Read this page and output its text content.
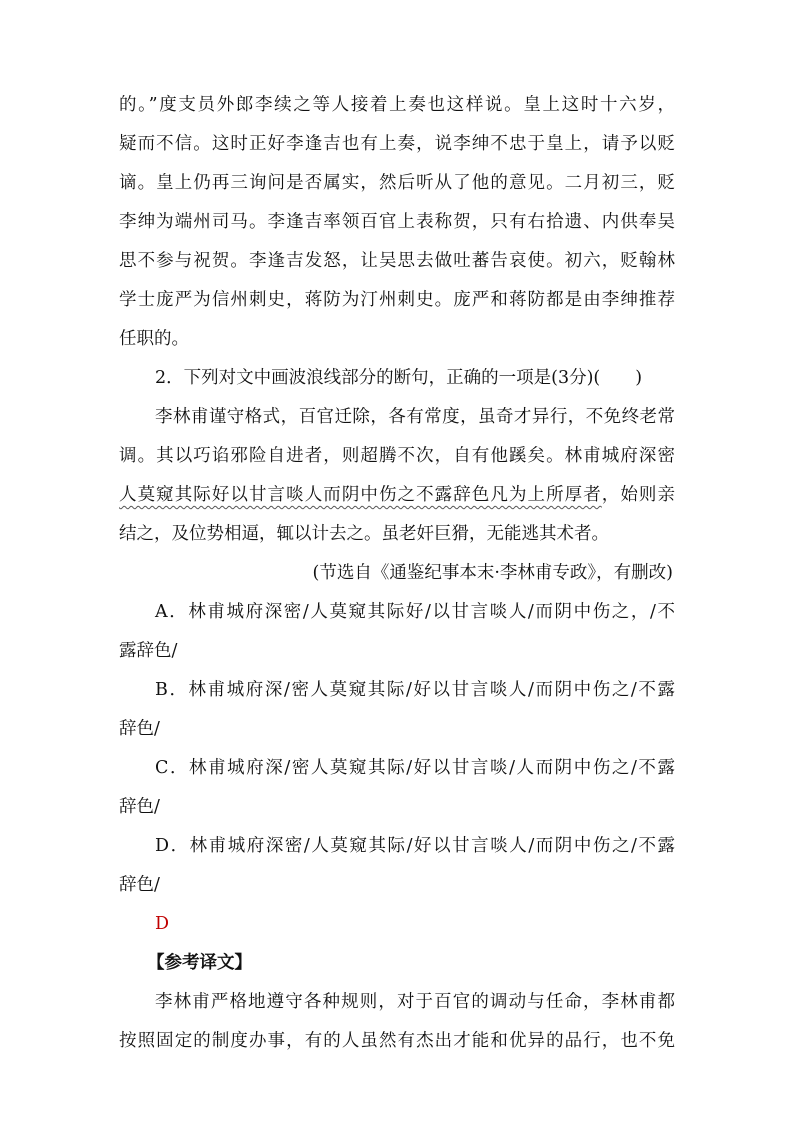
的。”度支员外郎李续之等人接着上奏也这样说。皇上这时十六岁，
疑而不信。这时正好李逢吉也有上奏，说李绅不忠于皇上，请予以贬
谪。皇上仍再三询问是否属实，然后听从了他的意见。二月初三，贬
李绅为端州司马。李逢吉率领百官上表称贺，只有右拾遗、内供奉吴
思不参与祝贺。李逢吉发怒，让吴思去做吐蕃告哀使。初六，贬翰林
学士庞严为信州刺史，蒋防为汀州刺史。庞严和蒋防都是由李绅推荐
任职的。
2．下列对文中画波浪线部分的断句，正确的一项是(3分)(　　)
李林甫谨守格式，百官迁除，各有常度，虽奇才异行，不免终老常
调。其以巧谄邪险自进者，则超腾不次，自有他蹊矣。林甫城府深密
人莫窥其际好以甘言啖人而阴中伤之不露辞色凡为上所厚者，始则亲
结之，及位势相逼，辄以计去之。虽老奸巨猾，无能逃其术者。
(节选自《通鉴纪事本末·李林甫专政》，有删改)
A．林甫城府深密/人莫窥其际好/以甘言啖人/而阴中伤之，/不
露辞色/
B．林甫城府深/密人莫窥其际/好以甘言啖人/而阴中伤之/不露
辞色/
C．林甫城府深/密人莫窥其际/好以甘言啖/人而阴中伤之/不露
辞色/
D．林甫城府深密/人莫窥其际/好以甘言啖人/而阴中伤之/不露
辞色/
D
【参考译文】
李林甫严格地遵守各种规则，对于百官的调动与任命，李林甫都
按照固定的制度办事，有的人虽然有杰出才能和优异的品行，也不免
